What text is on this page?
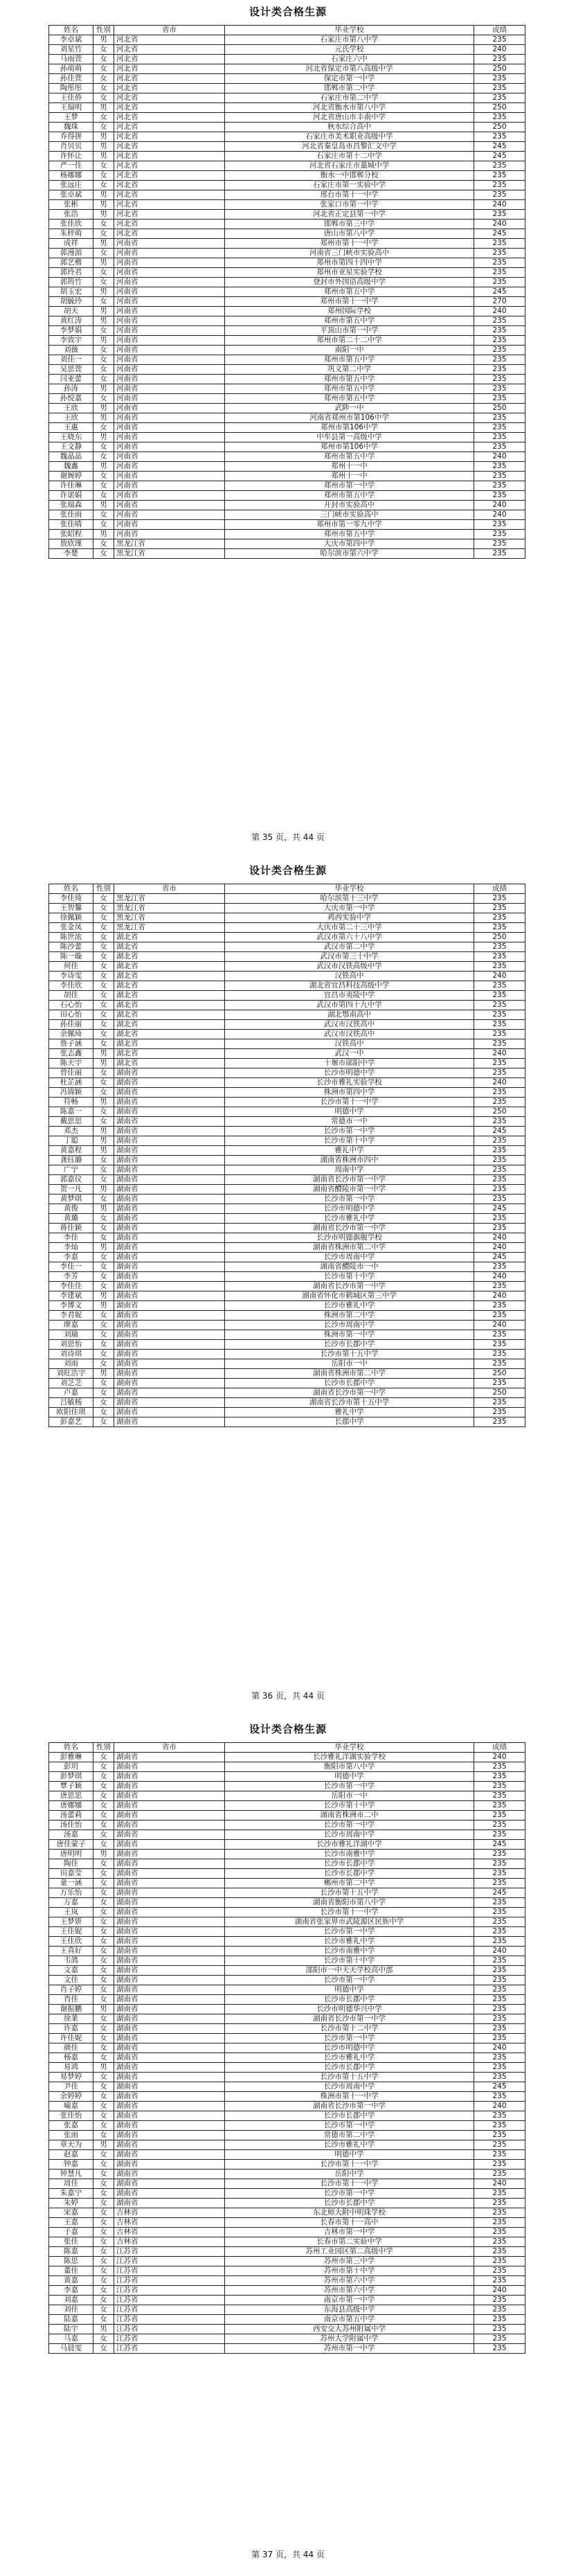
设计类合格生源
姓名	性别	省市	毕业学校	成绩
李卓斌	男	河北省	石家庄市第八中学	235
刘星竹	女	河北省	元氏学校	240
马雨萱	女	河北省	石家庄六中	235
孙萌萌	女	河北省	河北省保定市第八高级中学	250
孙佳萱	女	河北省	保定市第一中学	235
陶彤彤	女	河北省	邯郸市第二中学	235
王佳侨	女	河北省	石家庄市第二中学	235
王瑞明	男	河北省	河北省衡水市第八中学	250
王梦	女	河北省	河北省唐山市丰南中学	235
魏珠	女	河北省	秋水综合高中	250
乔得拼	男	河北省	石家庄市美术职业高级中学	235
肖贝贝	男	河北省	河北省秦皇岛市昌黎汇文中学	245
许怀让	男	河北省	石家庄市第十二中学	245
严一佳	女	河北省	河北省石家庄市藁城中学	235
杨娜娜	女	河北省	衡水一中邯郸分校	235
张远庄	女	河北省	石家庄市第一实验中学	235
张卓斌	男	河北省	邢台市第十一中学	235
张彬	男	河北省	张家口市第一中学	240
张浩	男	河北省	河北省正定县第一中学	235
张佳欣	女	河北省	邯郸市第三中学	240
朱梓萌	女	河北省	唐山市第八中学	245
成祥	男	河南省	郑州市第十一中学	235
郭漫湄	女	河南省	河南省三门峡市实验高中	235
郭艺楷	男	河南省	郑州市第四十四中学	235
郭玲君	女	河南省	郑州市亚星实验学校	235
郭筠竹	女	河南省	登封市外国语高级中学	235
胡玉宏	男	河南省	郑州市第五中学	245
胡毓玲	女	河南省	郑州市第十一中学	270
胡天	男	河南省	郑州国际学校	240
黄红涛	男	河南省	郑州市第五中学	235
李梦娟	女	河南省	平顶山市第一中学	235
李致宇	男	河南省	郑州市第二十二中学	235
刘薇	女	河南省	南阳一中	235
刘佳一	女	河南省	郑州市第五中学	235
吴思萱	女	河南省	巩义第二中学	235
闫亚蕾	女	河南省	郑州市第五中学	235
孙涛	男	河南省	郑州市第五中学	235
孙悦嘉	女	河南省	郑州市第五中学	235
王欣	男	河南省	武陟一中	250
王欣	男	河南省	河南省郑州市第106中学	235
王惠	女	河南省	郑州市第106中学	235
王晓东	男	河南省	中牟县第一高级中学	235
王文静	女	河南省	郑州市第106中学	235
魏晶晶	女	河南省	郑州市第五中学	240
魏鑫	男	河南省	郑州十一中	235
谢婉婷	女	河南省	郑州十一中	235
许佳琳	女	河南省	郑州市第一中学	235
许诺娟	女	河南省	郑州市第五中学	235
张瑞森	男	河南省	开封市实验高中	240
张佳雨	女	河南省	三门峡市实验高中	240
张佳晴	女	河南省	郑州市第一零九中学	235
张昭程	男	河南省	郑州市第五中学	235
敖欣瑾	女	黑龙江省	大庆市第四中学	235
李楚	女	黑龙江省	哈尔滨市第六中学	235
第 35 页，共 44 页
设计类合格生源
姓名	性别	省市	毕业学校	成绩
李佳琦	女	黑龙江省	哈尔滨第十三中学	235
王智馨	女	黑龙江省	大庆市第一中学	235
徐佩颖	女	黑龙江省	鸡西实验中学	235
张金凤	女	黑龙江省	大庆市第二十三中学	235
陈世浓	女	湖北省	武汉市第六十八中学	250
陈沙蕾	女	湖北省	武汉市第二中学	235
陈一璇	女	湖北省	武汉市第三十中学	235
何佳	女	湖北省	武汉市汉铁高级中学	235
李诗雯	女	湖北省	汉铁高中	240
李佳欣	女	湖北省	湖北省宜昌科技高级中学	235
胡佳	女	湖北省	宜昌市夷陵中学	235
石心怡	女	湖北省	武汉市第四十九中学	235
田心怡	女	湖北省	湖北鄂南高中	235
孙佳丽	女	湖北省	武汉市汉铁高中	235
余佩琦	女	湖北省	武汉市汉铁高中	235
詹子涵	女	湖北省	汉铁高中	235
张志鑫	男	湖北省	武汉一中	240
陈天宇	男	湖北省	十堰市郧阳中学	235
曾佳丽	女	湖南省	长沙市明德中学	235
杜芷涵	女	湖南省	长沙市雅礼实验学校	240
冯锦颖	女	湖南省	株洲市第四中学	235
符畅	男	湖南省	长沙市第十一中学	235
陈嘉一	女	湖南省	明德中学	250
戴思思	女	湖南省	常德市一中	235
邓杰	男	湖南省	长沙市第一中学	245
丁聪	男	湖南省	长沙市第十中学	235
黄嘉程	男	湖南省	雅礼中学	235
龚钰璐	女	湖南省	湖南省株洲市四中	235
广宁	女	湖南省	周南中学	235
郭嘉仪	女	湖南省	湖南省长沙市第一中学	235
贺一凡	男	湖南省	湖南省醴陵市第一中学	235
黄梦琪	女	湖南省	长沙市第一中学	235
黄俊	男	湖南省	长沙市明德中学	245
黄璐	女	湖南省	长沙市雅礼中学	235
蒋佳颖	女	湖南省	湖南省长沙市第一中学	235
李佳	女	湖南省	长沙市明德旗舰学校	240
李灿	男	湖南省	湖南省株洲市第二中学	240
李嘉	女	湖南省	长沙市周南中学	245
李佳一	女	湖南省	湖南省醴陵市一中	235
李芳	女	湖南省	长沙市第十中学	240
李佳佳	女	湖南省	湖南省长沙市第一中学	235
李建斌	男	湖南省	湖南省怀化市鹤城区第三中学	240
李博文	男	湖南省	长沙市雅礼中学	235
李君妮	女	湖南省	株洲市第二中学	235
廖嘉	女	湖南省	长沙市周南中学	240
刘瑜	女	湖南省	株洲市第一中学	235
刘思怡	女	湖南省	长沙市长郡中学	235
刘诗琪	女	湖南省	长沙市第十五中学	235
刘雨	女	湖南省	岳阳市一中	235
刘旺浩宇	男	湖南省	湖南省株洲市第二中学	250
刘芝芝	女	湖南省	长沙市长郡中学	235
卢嘉	女	湖南省	湖南省长沙市第一中学	250
吕敏杨	女	湖南省	湖南省长沙市第十五中学	235
欧阳佳琪	女	湖南省	雅礼中学	235
彭嘉艺	女	湖南省	长郡中学	235
第 36 页，共 44 页
设计类合格生源
姓名	性别	省市	毕业学校	成绩
彭雅琳	女	湖南省	长沙雅礼洋湖实验学校	240
彭玥	女	湖南省	衡阳市第八中学	235
彭梦琪	女	湖南省	明德中学	235
覃子颖	女	湖南省	长沙市第一中学	235
唐思思	女	湖南省	岳阳市一中	235
唐娜娜	女	湖南省	长沙市第十中学	235
汤蕾莉	女	湖南省	湖南省株洲市二中	235
汤佳怡	女	湖南省	长沙市第一中学	235
汤嘉	女	湖南省	长沙市周南中学	235
唐佳蒙子	女	湖南省	长沙市雅礼洋湖中学	245
唐明明	男	湖南省	长沙市南雅中学	235
陶佳	女	湖南省	长沙市长郡中学	235
田嘉莹	女	湖南省	长沙市长郡中学	235
童一涵	女	湖南省	郴州市第二中学	235
万乐怡	女	湖南省	长沙市第十五中学	245
万嘉	女	湖南省	湖南省衡阳市第八中学	235
王岚	女	湖南省	长沙市第十一中学	235
王梦妍	女	湖南省	湖南省张家界市武陵源区民族中学	235
王佳妮	女	湖南省	长沙市第一中学	235
王佳欣	女	湖南省	长沙市雅礼中学	235
王真好	女	湖南省	长沙市南雅中学	240
韦鸽	女	湖南省	长沙市第十中学	235
文嘉	女	湖南省	邵阳市一中天天学校高中部	235
文佳	女	湖南省	长沙市第一中学	235
肖子婷	女	湖南省	明德中学	235
肖佳	女	湖南省	长沙市长郡中学	235
谢振鹏	男	湖南省	长沙市明德华兴中学	235
徐莱	女	湖南省	湖南省长沙市第一中学	235
许嘉	女	湖南省	长沙市第十二中学	235
许佳妮	女	湖南省	长沙市第一中学	235
颜佳	女	湖南省	长沙市明德中学	240
杨嘉	女	湖南省	长沙市雅礼中学	235
易鸿	男	湖南省	长沙市长郡中学	235
易梦婷	女	湖南省	长沙市第十五中学	235
尹佳	女	湖南省	长沙市周南中学	245
余婷婷	女	湖南省	株洲市第十一中学	235
喻嘉	女	湖南省	湖南省长沙市第一中学	240
张佳怡	女	湖南省	长沙市长郡中学	235
张嘉	女	湖南省	长沙市第一中学	235
张雨	女	湖南省	常德市第二中学	235
章天为	男	湖南省	长沙市雅礼中学	235
赵嘉	女	湖南省	明德中学	235
钟嘉	女	湖南省	长沙市第十一中学	235
钟慧凡	女	湖南省	岳阳中学	235
周佳	女	湖南省	长沙市第十一中学	240
朱嘉宁	女	湖南省	长沙市第一中学	235
朱婷	女	湖南省	长沙市长郡中学	235
宋嘉	女	吉林省	东北师大附中明珠学校	235
王嘉	女	吉林省	长春市第十一高中	235
于嘉	女	吉林省	吉林市第一中学	235
张佳	女	吉林省	长春市第二实验中学	235
陈嘉	女	江苏省	苏州工业园区第二高级中学	235
陈思	女	江苏省	苏州市第三中学	235
董佳	女	江苏省	苏州市第十中学	235
黄嘉	女	江苏省	苏州市第六中学	235
李嘉	女	江苏省	苏州市第六中学	240
刘嘉	女	江苏省	南京市第一中学	235
刘佳	女	江苏省	东海县高级中学	235
陆嘉	女	江苏省	南京市第五中学	235
陆宇	男	江苏省	西安交大苏州附属中学	235
马嘉	女	江苏省	苏州大学附属中学	235
马晨雯	女	江苏省	苏州市第一中学	235
第 37 页，共 44 页
